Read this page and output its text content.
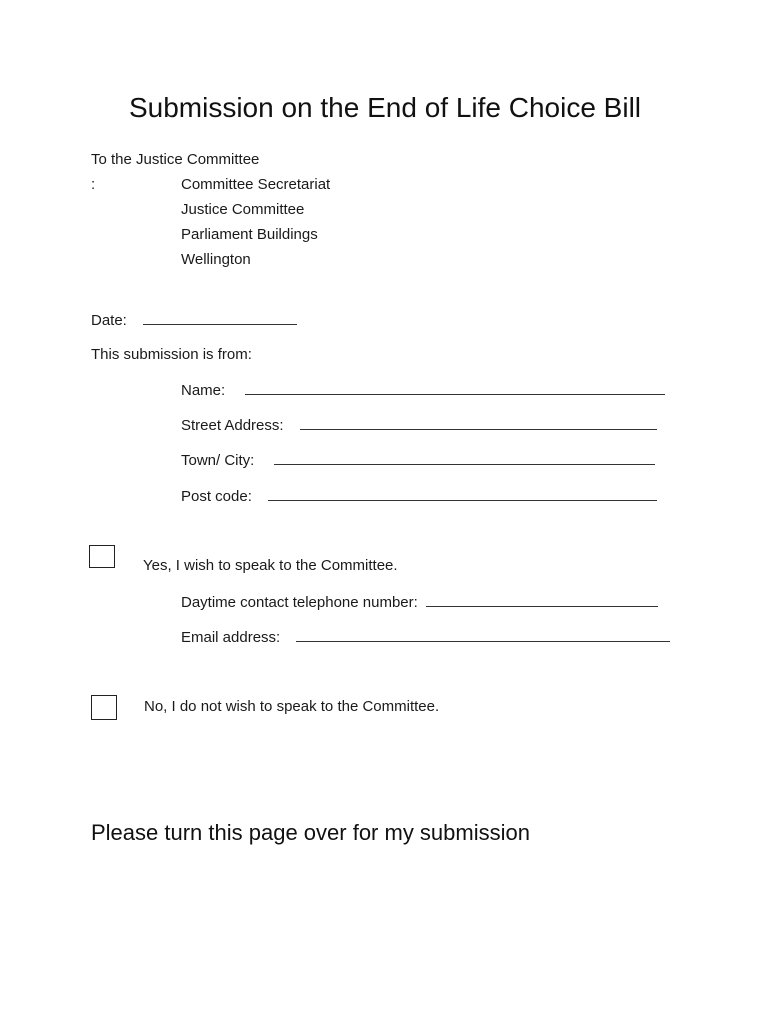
Submission on the End of Life Choice Bill
To the Justice Committee
:	Committee Secretariat
Justice Committee
Parliament Buildings
Wellington
Date:
This submission is from:
Name:
Street Address:
Town/ City:
Post code:
Yes, I wish to speak to the Committee.
Daytime contact telephone number:
Email address:
No, I do not wish to speak to the Committee.
Please turn this page over for my submission
